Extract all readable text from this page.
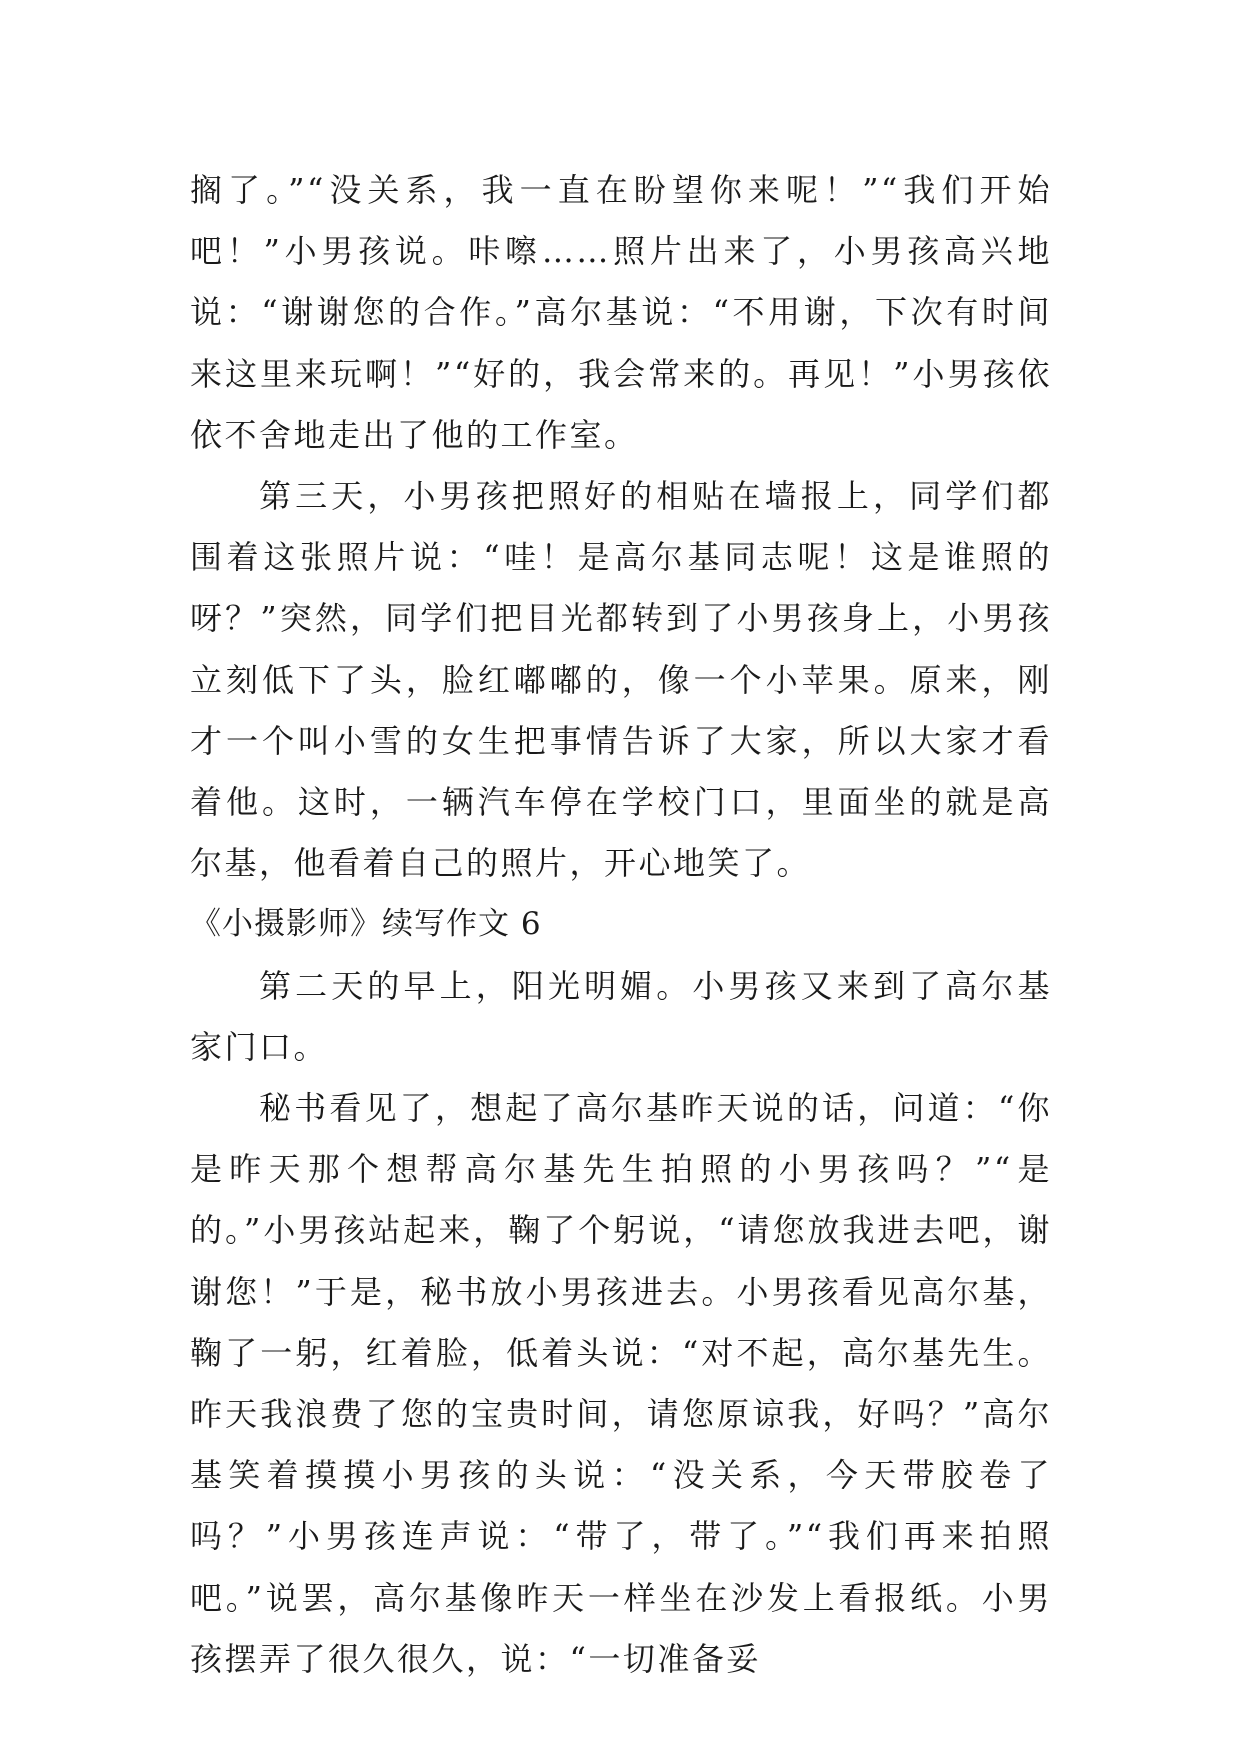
搁了。”“没关系，我一直在盼望你来呢！”“我们开始吧！”小男孩说。咔嚓……照片出来了，小男孩高兴地说：“谢谢您的合作。”高尔基说：“不用谢，下次有时间来这里来玩啊！”“好的，我会常来的。再见！”小男孩依依不舍地走出了他的工作室。

第三天，小男孩把照好的相贴在墙报上，同学们都围着这张照片说：“哇！是高尔基同志呢！这是谁照的呀？”突然，同学们把目光都转到了小男孩身上，小男孩立刻低下了头，脸红嘟嘟的，像一个小苹果。原来，刚才一个叫小雪的女生把事情告诉了大家，所以大家才看着他。这时，一辆汽车停在学校门口，里面坐的就是高尔基，他看着自己的照片，开心地笑了。

《小摄影师》续写作文 6

第二天的早上，阳光明媚。小男孩又来到了高尔基家门口。

秘书看见了，想起了高尔基昨天说的话，问道：“你是昨天那个想帮高尔基先生拍照的小男孩吗？”“是的。”小男孩站起来，鞠了个躬说，“请您放我进去吧，谢谢您！”于是，秘书放小男孩进去。小男孩看见高尔基，鞠了一躬，红着脸，低着头说：“对不起，高尔基先生。昨天我浪费了您的宝贵时间，请您原谅我，好吗？”高尔基笑着摸摸小男孩的头说：“没关系，今天带胶卷了吗？”小男孩连声说：“带了，带了。”“我们再来拍照吧。”说罢，高尔基像昨天一样坐在沙发上看报纸。小男孩摆弄了很久很久，说：“一切准备妥
